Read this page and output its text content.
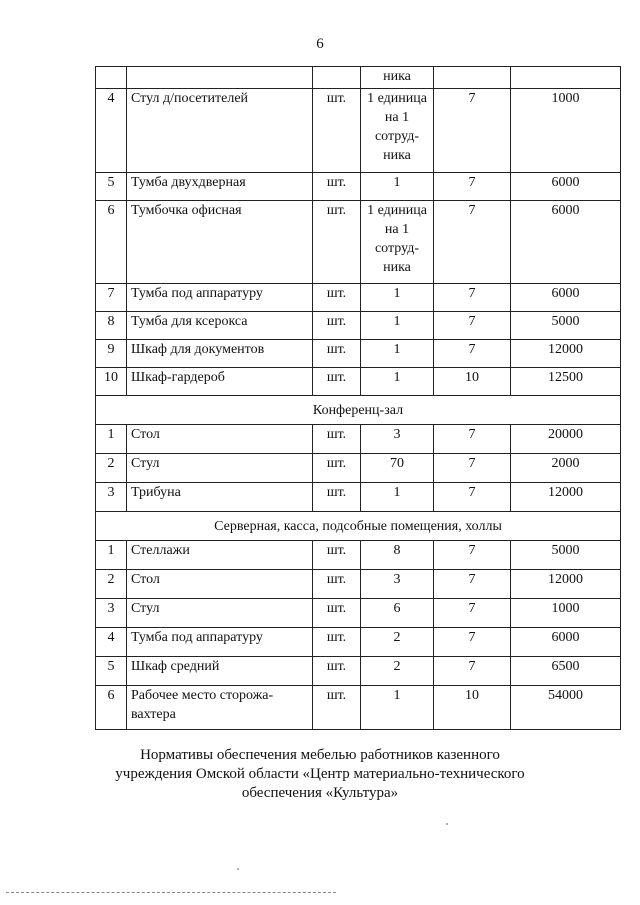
6
			ника		
4	Стул д/посетителей	шт.	1 единица на 1 сотруд-ника	7	1000
5	Тумба двухдверная	шт.	1	7	6000
6	Тумбочка офисная	шт.	1 единица на 1 сотруд-ника	7	6000
7	Тумба под аппаратуру	шт.	1	7	6000
8	Тумба для ксерокса	шт.	1	7	5000
9	Шкаф для документов	шт.	1	7	12000
10	Шкаф-гардероб	шт.	1	10	12500
Конференц-зал					
1	Стол	шт.	3	7	20000
2	Стул	шт.	70	7	2000
3	Трибуна	шт.	1	7	12000
Серверная, касса, подсобные помещения, холлы					
1	Стеллажи	шт.	8	7	5000
2	Стол	шт.	3	7	12000
3	Стул	шт.	6	7	1000
4	Тумба под аппаратуру	шт.	2	7	6000
5	Шкаф средний	шт.	2	7	6500
6	Рабочее место сторожа-вахтера	шт.	1	10	54000
Нормативы обеспечения мебелью работников казенного
учреждения Омской области «Центр материально-технического
обеспечения «Культура»
